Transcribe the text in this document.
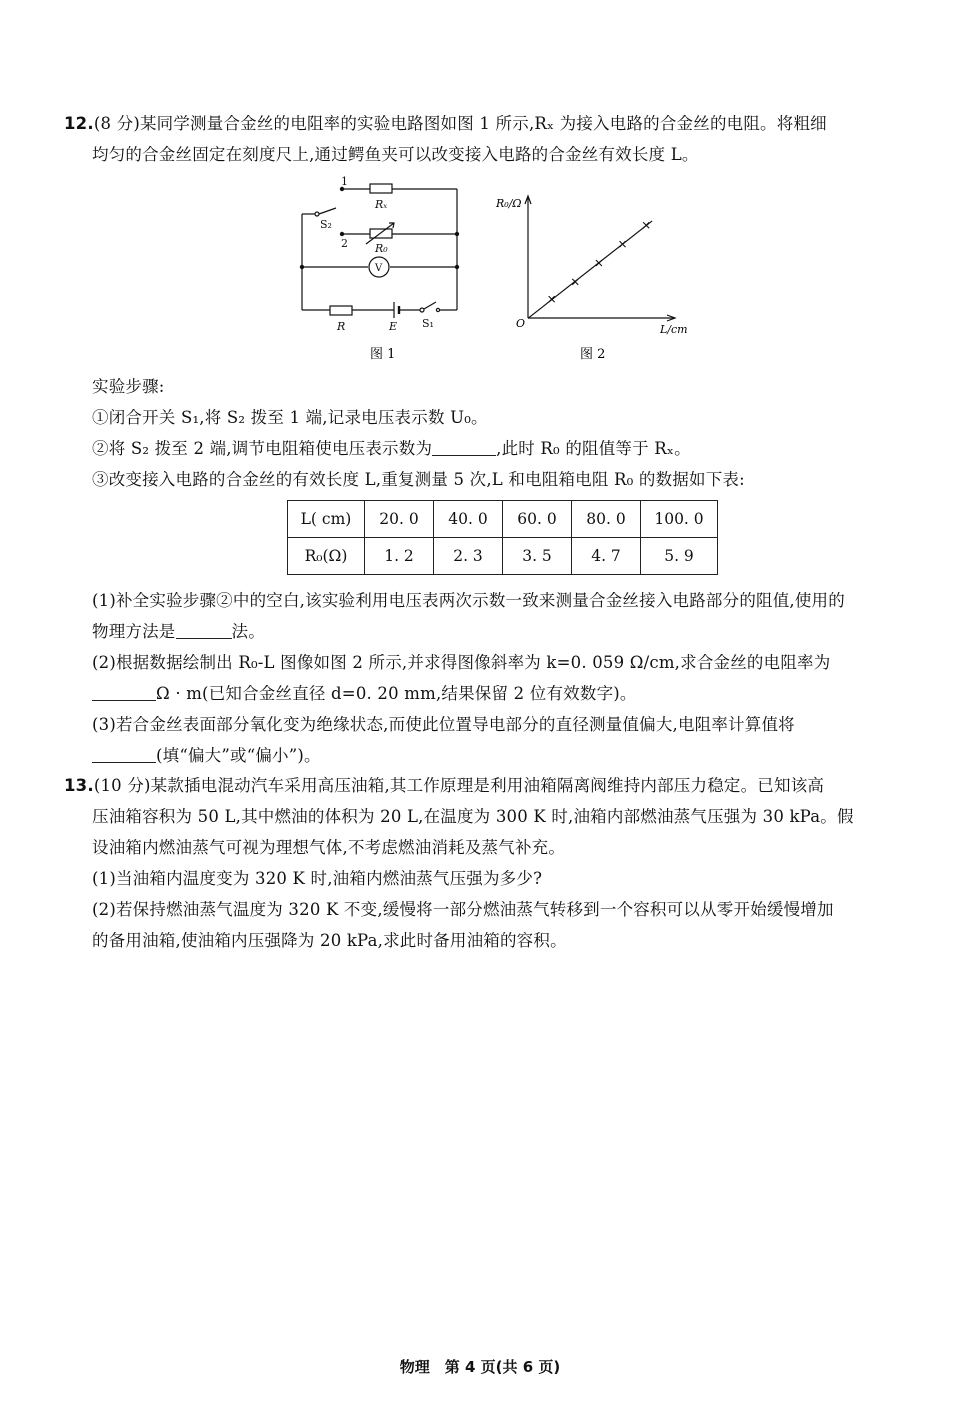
12.(8 分)某同学测量合金丝的电阻率的实验电路图如图 1 所示,Rₓ 为接入电路的合金丝的电阻。将粗细
均匀的合金丝固定在刻度尺上,通过鳄鱼夹可以改变接入电路的合金丝有效长度 L。
1
Rₓ
S₂
2 R₀
V
R	E S₁
图 1
R₀/Ω
L/cm
O
图 2
实验步骤:
①闭合开关 S₁,将 S₂ 拨至 1 端,记录电压表示数 U₀。
②将 S₂ 拨至 2 端,调节电阻箱使电压表示数为	,此时 R₀ 的阻值等于 Rₓ。
③改变接入电路的合金丝的有效长度 L,重复测量 5 次,L 和电阻箱电阻 R₀ 的数据如下表:
L( cm)	20. 0	40. 0	60. 0	80. 0	100. 0
R₀(Ω)	1. 2	2. 3	3. 5	4. 7	5. 9
(1)补全实验步骤②中的空白,该实验利用电压表两次示数一致来测量合金丝接入电路部分的阻值,使用的
物理方法是	法。
(2)根据数据绘制出 R₀-L 图像如图 2 所示,并求得图像斜率为 k=0. 059 Ω/cm,求合金丝的电阻率为
Ω · m(已知合金丝直径 d=0. 20 mm,结果保留 2 位有效数字)。
(3)若合金丝表面部分氧化变为绝缘状态,而使此位置导电部分的直径测量值偏大,电阻率计算值将
(填“偏大”或“偏小”)。
13.(10 分)某款插电混动汽车采用高压油箱,其工作原理是利用油箱隔离阀维持内部压力稳定。已知该高
压油箱容积为 50 L,其中燃油的体积为 20 L,在温度为 300 K 时,油箱内部燃油蒸气压强为 30 kPa。假
设油箱内燃油蒸气可视为理想气体,不考虑燃油消耗及蒸气补充。
(1)当油箱内温度变为 320 K 时,油箱内燃油蒸气压强为多少?
(2)若保持燃油蒸气温度为 320 K 不变,缓慢将一部分燃油蒸气转移到一个容积可以从零开始缓慢增加
的备用油箱,使油箱内压强降为 20 kPa,求此时备用油箱的容积。
物理　第 4 页(共 6 页)
